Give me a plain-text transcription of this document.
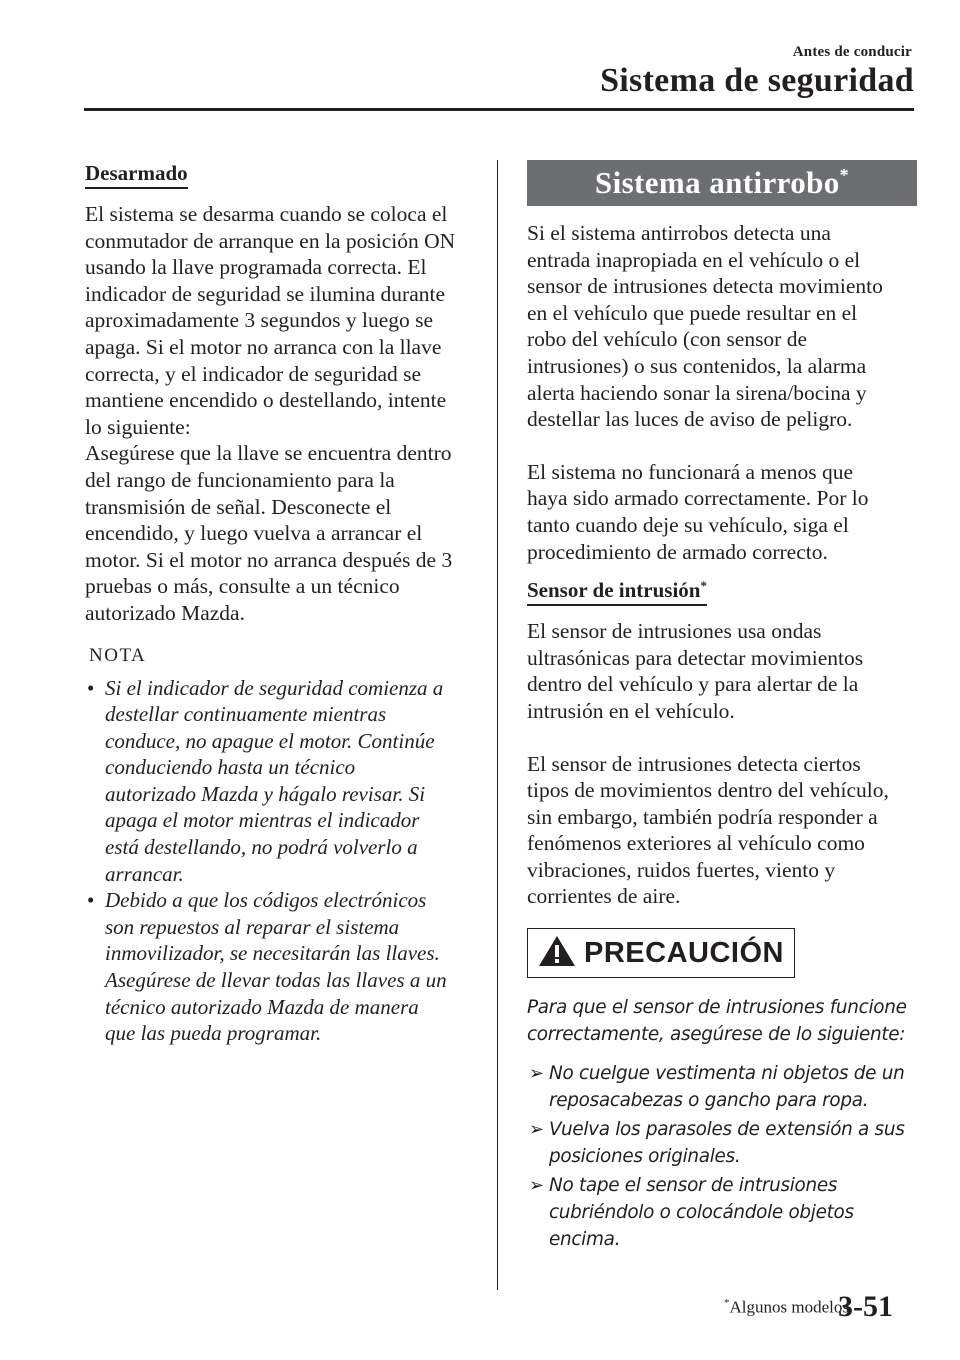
Antes de conducir
Sistema de seguridad
Desarmado

El sistema se desarma cuando se coloca el
conmutador de arranque en la posición ON
usando la llave programada correcta. El
indicador de seguridad se ilumina durante
aproximadamente 3 segundos y luego se
apaga. Si el motor no arranca con la llave
correcta, y el indicador de seguridad se
mantiene encendido o destellando, intente
lo siguiente:
Asegúrese que la llave se encuentra dentro
del rango de funcionamiento para la
transmisión de señal. Desconecte el
encendido, y luego vuelva a arrancar el
motor. Si el motor no arranca después de 3
pruebas o más, consulte a un técnico
autorizado Mazda.

NOTA
• Si el indicador de seguridad comienza a
destellar continuamente mientras
conduce, no apague el motor. Continúe
conduciendo hasta un técnico
autorizado Mazda y hágalo revisar. Si
apaga el motor mientras el indicador
está destellando, no podrá volverlo a
arrancar.
• Debido a que los códigos electrónicos
son repuestos al reparar el sistema
inmovilizador, se necesitarán las llaves.
Asegúrese de llevar todas las llaves a un
técnico autorizado Mazda de manera
que las pueda programar.
Sistema antirrobo*

Si el sistema antirrobos detecta una
entrada inapropiada en el vehículo o el
sensor de intrusiones detecta movimiento
en el vehículo que puede resultar en el
robo del vehículo (con sensor de
intrusiones) o sus contenidos, la alarma
alerta haciendo sonar la sirena/bocina y
destellar las luces de aviso de peligro.

El sistema no funcionará a menos que
haya sido armado correctamente. Por lo
tanto cuando deje su vehículo, siga el
procedimiento de armado correcto.

Sensor de intrusión*

El sensor de intrusiones usa ondas
ultrasónicas para detectar movimientos
dentro del vehículo y para alertar de la
intrusión en el vehículo.

El sensor de intrusiones detecta ciertos
tipos de movimientos dentro del vehículo,
sin embargo, también podría responder a
fenómenos exteriores al vehículo como
vibraciones, ruidos fuertes, viento y
corrientes de aire.

PRECAUCIÓN

Para que el sensor de intrusiones funcione
correctamente, asegúrese de lo siguiente:

➢ No cuelgue vestimenta ni objetos de un
reposacabezas o gancho para ropa.
➢ Vuelva los parasoles de extensión a sus
posiciones originales.
➢ No tape el sensor de intrusiones
cubriéndolo o colocándole objetos
encima.
*Algunos modelos
3-51
